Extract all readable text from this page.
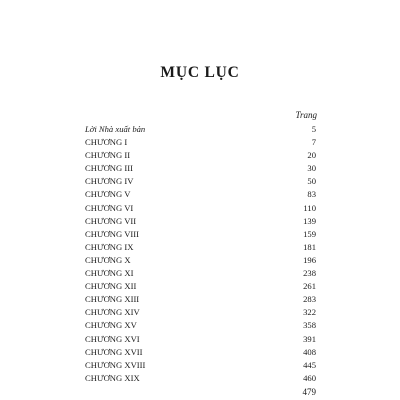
MỤC LỤC
Trang
Lời Nhà xuất bản	5
CHƯƠNG I	7
CHƯƠNG II	20
CHƯƠNG III	30
CHƯƠNG IV	50
CHƯƠNG V	83
CHƯƠNG VI	110
CHƯƠNG VII	139
CHƯƠNG VIII	159
CHƯƠNG IX	181
CHƯƠNG X	196
CHƯƠNG XI	238
CHƯƠNG XII	261
CHƯƠNG XIII	283
CHƯƠNG XIV	322
CHƯƠNG XV	358
CHƯƠNG XVI	391
CHƯƠNG XVII	408
CHƯƠNG XVIII	445
CHƯƠNG XIX	460
479
